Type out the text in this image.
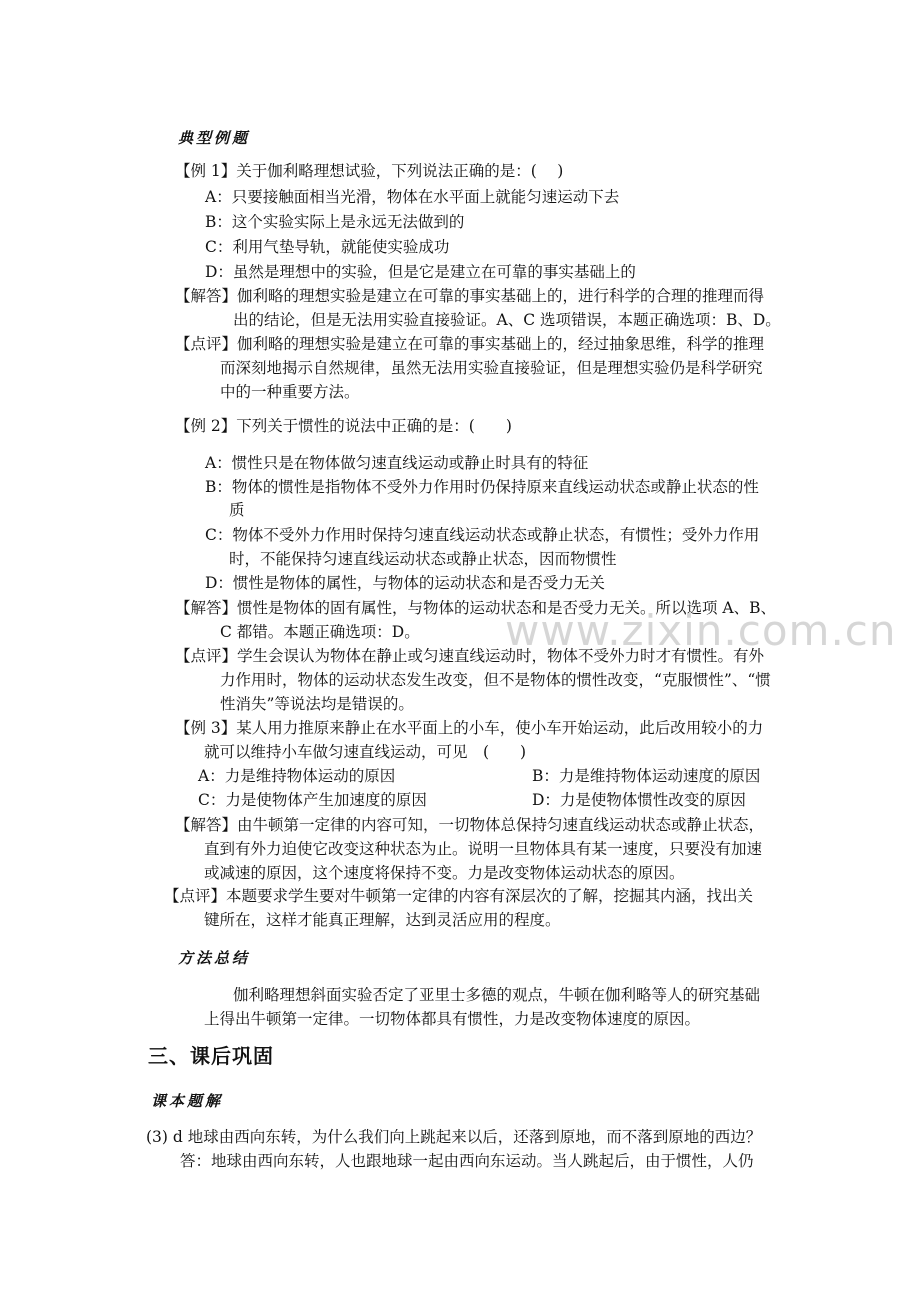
典型例题
【例 1】关于伽利略理想试验，下列说法正确的是：(　 )
A：只要接触面相当光滑，物体在水平面上就能匀速运动下去
B：这个实验实际上是永远无法做到的
C：利用气垫导轨，就能使实验成功
D：虽然是理想中的实验，但是它是建立在可靠的事实基础上的
【解答】伽利略的理想实验是建立在可靠的事实基础上的，进行科学的合理的推理而得
出的结论，但是无法用实验直接验证。A、C 选项错误，本题正确选项：B、D。
【点评】伽利略的理想实验是建立在可靠的事实基础上的，经过抽象思维，科学的推理
而深刻地揭示自然规律，虽然无法用实验直接验证，但是理想实验仍是科学研究
中的一种重要方法。
【例 2】下列关于惯性的说法中正确的是：(　　)
A：惯性只是在物体做匀速直线运动或静止时具有的特征
B：物体的惯性是指物体不受外力作用时仍保持原来直线运动状态或静止状态的性
质
C：物体不受外力作用时保持匀速直线运动状态或静止状态，有惯性；受外力作用
时，不能保持匀速直线运动状态或静止状态，因而物惯性
D：惯性是物体的属性，与物体的运动状态和是否受力无关
【解答】惯性是物体的固有属性，与物体的运动状态和是否受力无关。所以选项 A、B、
C 都错。本题正确选项：D。
【点评】学生会误认为物体在静止或匀速直线运动时，物体不受外力时才有惯性。有外
力作用时，物体的运动状态发生改变，但不是物体的惯性改变，“克服惯性”、“惯
性消失”等说法均是错误的。
【例 3】某人用力推原来静止在水平面上的小车，使小车开始运动，此后改用较小的力
就可以维持小车做匀速直线运动，可见　(　　)
A：力是维持物体运动的原因	B：力是维持物体运动速度的原因
C：力是使物体产生加速度的原因	D：力是使物体惯性改变的原因
【解答】由牛顿第一定律的内容可知，一切物体总保持匀速直线运动状态或静止状态，
直到有外力迫使它改变这种状态为止。说明一旦物体具有某一速度，只要没有加速
或减速的原因，这个速度将保持不变。力是改变物体运动状态的原因。
【点评】本题要求学生要对牛顿第一定律的内容有深层次的了解，挖掘其内涵，找出关
键所在，这样才能真正理解，达到灵活应用的程度。
方法总结
伽利略理想斜面实验否定了亚里士多德的观点，牛顿在伽利略等人的研究基础
上得出牛顿第一定律。一切物体都具有惯性，力是改变物体速度的原因。
三、课后巩固
课本题解
(3) d 地球由西向东转，为什么我们向上跳起来以后，还落到原地，而不落到原地的西边？
答：地球由西向东转，人也跟地球一起由西向东运动。当人跳起后，由于惯性，人仍
www.zixin.com.cn
